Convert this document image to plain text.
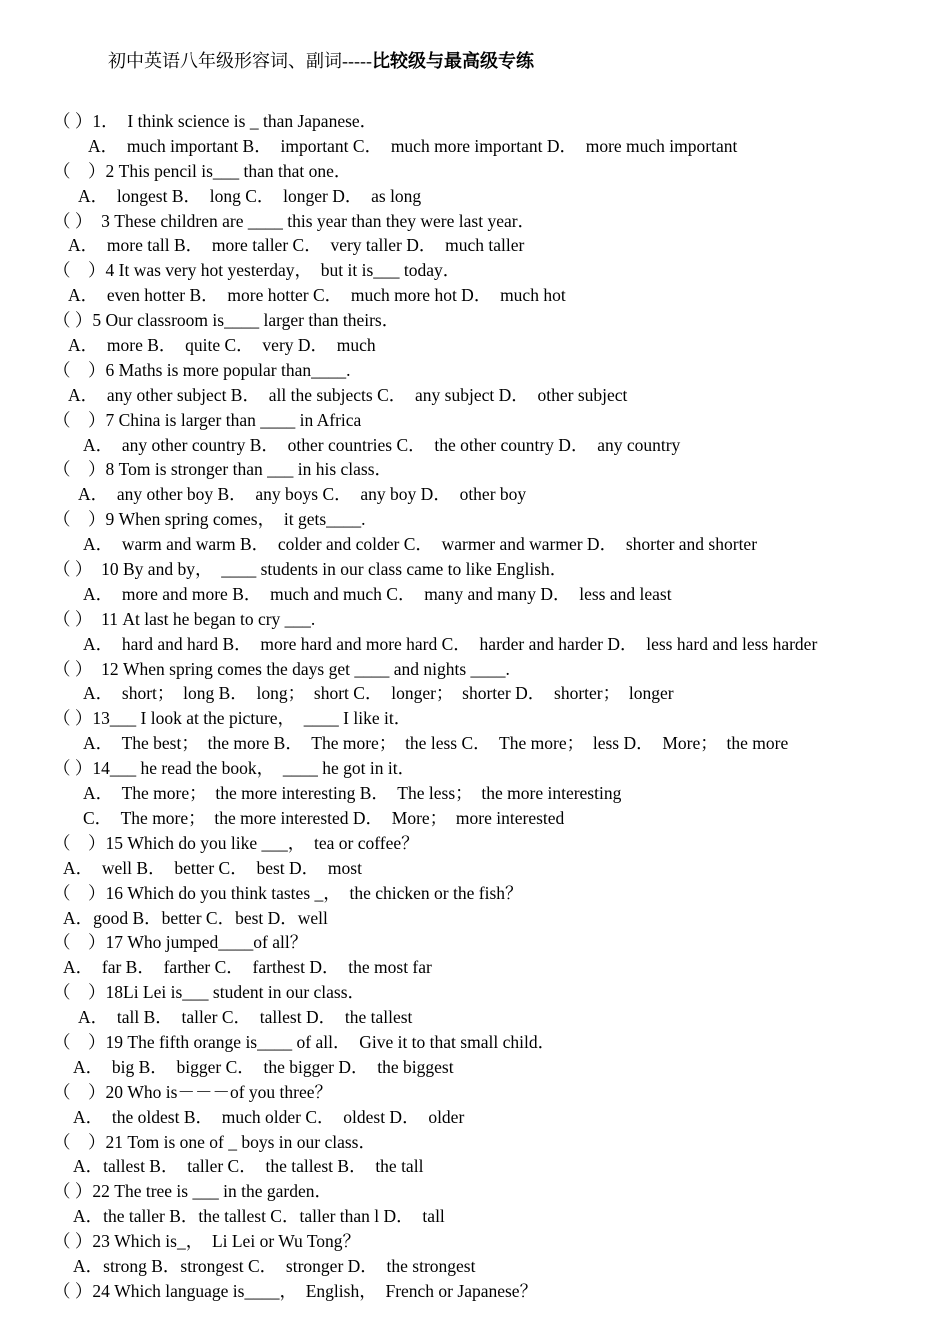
初中英语八年级形容词、副词-----比较级与最高级专练
（ ）1．  I think science is _ than Japanese．
A．  much important B．  important C．  much more important D．  more much important
（    ）2 This pencil is___ than that one．
A．  longest B．  long C．  longer D．  as long
（ ）  3 These children are ____ this year than they were last year．
A．  more tall B．  more taller C．  very taller D．  much taller
（    ）4 It was very hot yesterday，  but it is___ today．
A．  even hotter B．  more hotter C．  much more hot D．  much hot
（ ）5 Our classroom is____ larger than theirs．
A．  more B．  quite C．  very D．  much
（    ）6 Maths is more popular than____.
A．  any other subject B．  all the subjects C．  any subject D．  other subject
（    ）7 China is larger than ____ in Africa
A．  any other country B．  other countries C．  the other country D．  any country
（    ）8 Tom is stronger than ___ in his class．
A．  any other boy B．  any boys C．  any boy D．  other boy
（    ）9 When spring comes，  it gets____.
A．  warm and warm B．  colder and colder C．  warmer and warmer D．  shorter and shorter
（ ）  10 By and by，  ____ students in our class came to like English．
A．  more and more B．  much and much C．  many and many D．  less and least
（ ）  11 At last he began to cry ___.
A．  hard and hard B．  more hard and more hard C．  harder and harder D．  less hard and less harder
（ ）  12 When spring comes the days get ____ and nights ____.
A．  short；  long B．  long；  short C．  longer；  shorter D．  shorter；  longer
（ ）13___ I look at the picture，  ____ I like it．
A．  The best；  the more B．  The more；  the less C．  The more；  less D．  More；  the more
（ ）14___ he read the book，  ____ he got in it．
A．  The more；  the more interesting B．  The less；  the more interesting
C．  The more；  the more interested D．  More；  more interested
（    ）15 Which do you like ___，  tea or coffee？
A．  well B．  better C．  best D．  most
（    ）16 Which do you think tastes _，  the chicken or the fish？
A．good B．better C．best D．well
（    ）17 Who jumped____of all？
A．  far B．  farther C．  farthest D．  the most far
（    ）18Li Lei is___ student in our class．
A．  tall B．  taller C．  tallest D．  the tallest
（    ）19 The fifth orange is____ of all．  Give it to that small child．
A．  big B．  bigger C．  the bigger D．  the biggest
（    ）20 Who is－－－of you three？
A．  the oldest B．  much older C．  oldest D．  older
（    ）21 Tom is one of _ boys in our class．
A．tallest B．  taller C．  the tallest B．  the tall
（ ）22 The tree is ___ in the garden．
A．the taller B．the tallest C．taller than l D．  tall
（ ）23 Which is_，  Li Lei or Wu Tong？
A．strong B．strongest C．  stronger D．  the strongest
（ ）24 Which language is____，  English，  French or Japanese？
